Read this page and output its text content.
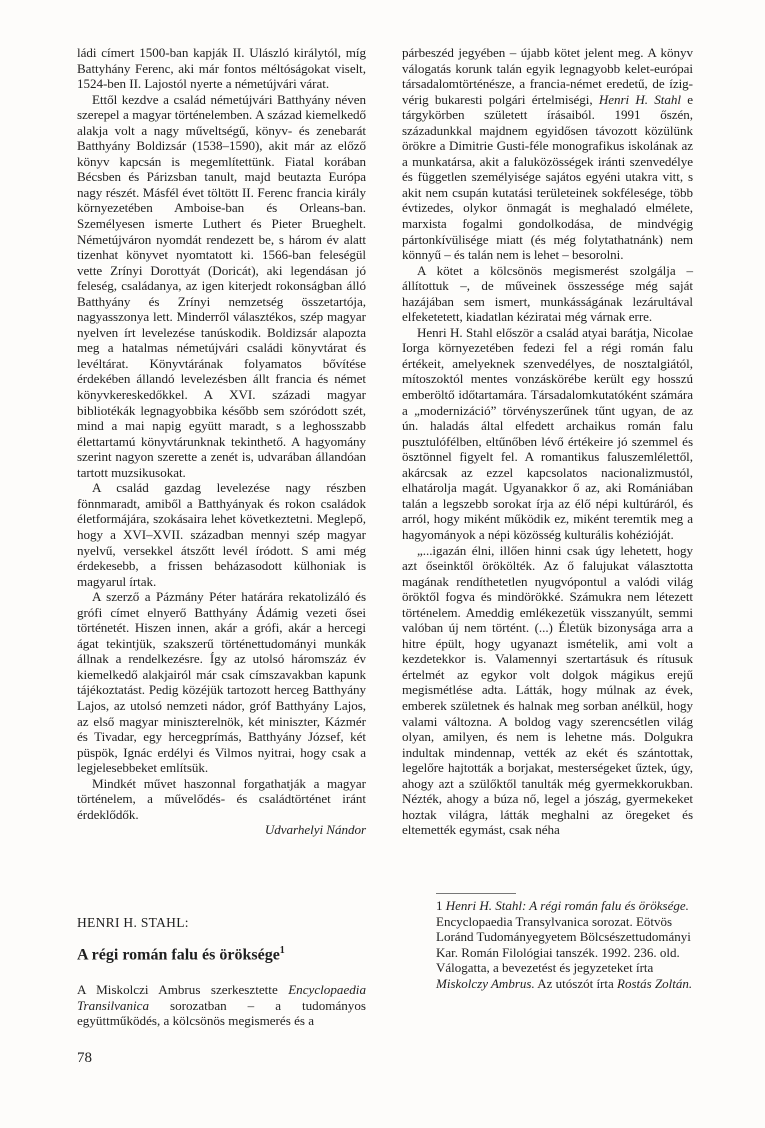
ládi címert 1500-ban kapják II. Ulászló királytól, míg Battyhány Ferenc, aki már fontos méltóságokat viselt, 1524-ben II. Lajostól nyerte a németújvári várat.

Ettől kezdve a család németújvári Batthyány néven szerepel a magyar történelemben. A század kiemelkedő alakja volt a nagy műveltségű, könyv- és zenebarát Batthyány Boldizsár (1538–1590), akit már az előző könyv kapcsán is megemlítettünk. Fiatal korában Bécsben és Párizsban tanult, majd beutazta Európa nagy részét. Másfél évet töltött II. Ferenc francia király környezetében Amboise-ban és Orleans-ban. Személyesen ismerte Luthert és Pieter Brueghelt. Németújváron nyomdát rendezett be, s három év alatt tizenhat könyvet nyomtatott ki. 1566-ban feleségül vette Zrínyi Dorottyát (Doricát), aki legendásan jó feleség, családanya, az igen kiterjedt rokonságban álló Batthyány és Zrínyi nemzetség összetartója, nagyasszonya lett. Minderről választékos, szép magyar nyelven írt levelezése tanúskodik. Boldizsár alapozta meg a hatalmas németújvári családi könyvtárat és levéltárat. Könyvtárának folyamatos bővítése érdekében állandó levelezésben állt francia és német könyvkereskedőkkel. A XVI. századi magyar bibliotékák legnagyobbika később sem szóródott szét, mind a mai napig együtt maradt, s a leghosszabb élettartamú könyvtárunknak tekinthető. A hagyomány szerint nagyon szerette a zenét is, udvarában állandóan tartott muzsikusokat.

A család gazdag levelezése nagy részben fönnmaradt, amiből a Batthyányak és rokon családok életformájára, szokásaira lehet következtetni. Meglepő, hogy a XVI–XVII. században mennyi szép magyar nyelvű, versekkel átszőtt levél íródott. S ami még érdekesebb, a frissen beházasodott külhoniak is magyarul írtak.

A szerző a Pázmány Péter határára rekatolizáló és grófi címet elnyerő Batthyány Ádámig vezeti ősei történetét. Hiszen innen, akár a grófi, akár a hercegi ágat tekintjük, szakszerű történettudományi munkák állnak a rendelkezésre. Így az utolsó háromszáz év kiemelkedő alakjairól már csak címszavakban kapunk tájékoztatást. Pedig közéjük tartozott herceg Batthyány Lajos, az utolsó nemzeti nádor, gróf Batthyány Lajos, az első magyar miniszterelnök, két miniszter, Kázmér és Tivadar, egy hercegprímás, Batthyány József, két püspök, Ignác erdélyi és Vilmos nyitrai, hogy csak a legjelesebbeket említsük.

Mindkét művet haszonnal forgathatják a magyar történelem, a művelődés- és családtörténet iránt érdeklődők.

Udvarhelyi Nándor

HENRI H. STAHL:
A régi román falu és öröksége$^1$
A Miskolczi Ambrus szerkesztette Encyclopaedia Transilvanica sorozatban – a tudományos együttműködés, a kölcsönös megismerés és a
78

párbeszéd jegyében – újabb kötet jelent meg. A könyv válogatás korunk talán egyik legnagyobb kelet-európai társadalomtörténésze, a francia-német eredetű, de ízig-vérig bukaresti polgári értelmiségi, Henri H. Stahl e tárgykörben született írásaiból. 1991 őszén, századunkkal majdnem egyidősen távozott közülünk örökre a Dimitrie Gusti-féle monografikus iskolának az a munkatársa, akit a faluközösségek iránti szenvedélye és független személyisége sajátos egyéni utakra vitt, s akit nem csupán kutatási területeinek sokfélesége, több évtizedes, olykor önmagát is meghaladó elmélete, marxista fogalmi gondolkodása, de mindvégig pártonkívülisége miatt (és még folytathatnánk) nem könnyű – és talán nem is lehet – besorolni.

A kötet a kölcsönös megismerést szolgálja – állítottuk –, de műveinek összessége még saját hazájában sem ismert, munkásságának lezárultával elfeketetett, kiadatlan kéziratai még várnak erre.

Henri H. Stahl először a család atyai barátja, Nicolae Iorga környezetében fedezi fel a régi román falu értékeit, amelyeknek szenvedélyes, de nosztalgiától, mítoszoktól mentes vonzáskörébe került egy hosszú emberöltő időtartamára. Társadalomkutatóként számára a „modernizáció” törvényszerűnek tűnt ugyan, de az ún. haladás által elfedett archaikus román falu pusztulófélben, eltűnőben lévő értékeire jó szemmel és ösztönnel figyelt fel. A romantikus faluszemlélettől, akárcsak az ezzel kapcsolatos nacionalizmustól, elhatárolja magát. Ugyanakkor ő az, aki Romániában talán a legszebb sorokat írja az élő népi kultúráról, és arról, hogy miként működik ez, miként teremtik meg a hagyományok a népi közösség kulturális kohézióját.

„...igazán élni, illően hinni csak úgy lehetett, hogy azt őseinktől örökölték. Az ő falujukat választotta magának rendíthetetlen nyugvópontul a valódi világ öröktől fogva és mindörökké. Számukra nem létezett történelem. Ameddig emlékezetük visszanyúlt, semmi valóban új nem történt. (...) Életük bizonyságа arra a hitre épült, hogy ugyanazt ismételik, ami volt a kezdetekkor is. Valamennyi szertartásuk és rítusuk értelmét az egykor volt dolgok mágikus erejű megismétlése adta. Látták, hogy múlnak az évek, emberek születnek és halnak meg sorban anélkül, hogy valami változna. A boldog vagy szerencsétlen világ olyan, amilyen, és nem is lehetne más. Dolgukra indultak mindennap, vették az ekét és szántottak, legelőre hajtották a borjakat, mesterségeket űztek, úgy, ahogy azt a szülőktől tanulták még gyermekkorukban. Nézték, ahogy a búza nő, legel a jószág, gyermekeket hoztak világra, látták meghalni az öregeket és eltemették egymást, csak néha

1 Henri H. Stahl: A régi román falu és öröksége. Encyclopaedia Transylvanica sorozat. Eötvös Loránd Tudományegyetem Bölcsészettudományi Kar. Román Filológiai tanszék. 1992. 236. old. Válogatta, a bevezetést és jegyzeteket írta Miskolczy Ambrus. Az utószót írta Rostás Zoltán.
